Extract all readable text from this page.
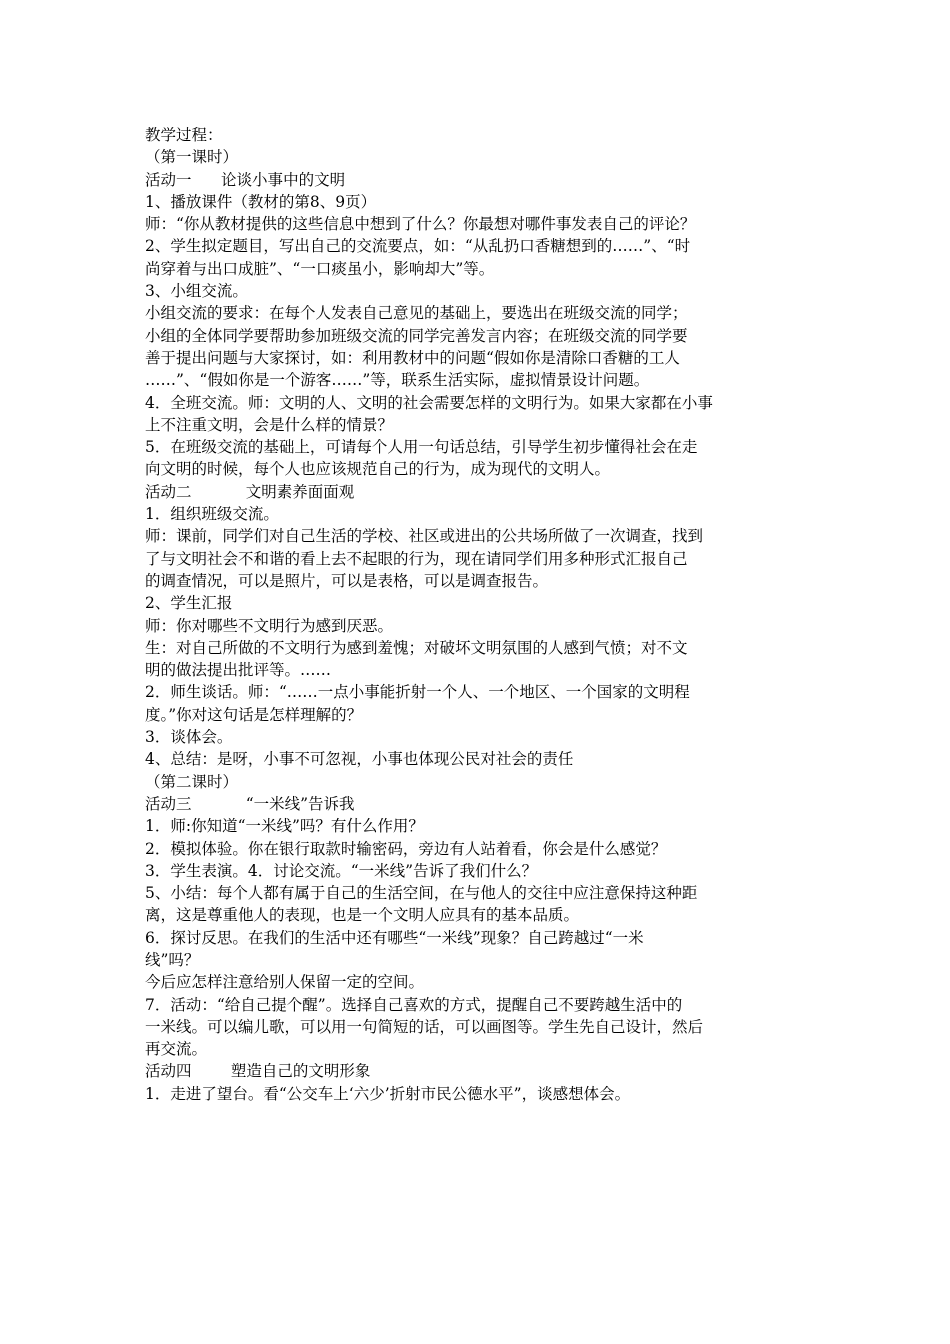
教学过程：
（第一课时）
活动一      论谈小事中的文明
1、播放课件（教材的第8、9页）
师：“你从教材提供的这些信息中想到了什么？你最想对哪件事发表自己的评论？
2、学生拟定题目，写出自己的交流要点，如：“从乱扔口香糖想到的……”、“时
尚穿着与出口成脏”、“一口痰虽小，影响却大”等。
3、小组交流。
小组交流的要求：在每个人发表自己意见的基础上，要选出在班级交流的同学；
小组的全体同学要帮助参加班级交流的同学完善发言内容；在班级交流的同学要
善于提出问题与大家探讨，如：利用教材中的问题“假如你是清除口香糖的工人
……”、“假如你是一个游客……”等，联系生活实际，虚拟情景设计问题。
4．全班交流。师：文明的人、文明的社会需要怎样的文明行为。如果大家都在小事
上不注重文明，会是什么样的情景？
5．在班级交流的基础上，可请每个人用一句话总结，引导学生初步懂得社会在走
向文明的时候，每个人也应该规范自己的行为，成为现代的文明人。
活动二           文明素养面面观
1．组织班级交流。
师：课前，同学们对自己生活的学校、社区或进出的公共场所做了一次调查，找到
了与文明社会不和谐的看上去不起眼的行为，现在请同学们用多种形式汇报自己
的调查情况，可以是照片，可以是表格，可以是调查报告。
2、学生汇报
师：你对哪些不文明行为感到厌恶。
生：对自己所做的不文明行为感到羞愧；对破坏文明氛围的人感到气愤；对不文
明的做法提出批评等。……
2．师生谈话。师：“……一点小事能折射一个人、一个地区、一个国家的文明程
度。”你对这句话是怎样理解的？
3．谈体会。
4、总结：是呀，小事不可忽视，小事也体现公民对社会的责任
（第二课时）
活动三           “一米线”告诉我
1．师:你知道“一米线”吗？有什么作用？
2．模拟体验。你在银行取款时输密码，旁边有人站着看，你会是什么感觉？
3．学生表演。4．讨论交流。“一米线”告诉了我们什么？
5、小结：每个人都有属于自己的生活空间，在与他人的交往中应注意保持这种距
离，这是尊重他人的表现，也是一个文明人应具有的基本品质。
6．探讨反思。在我们的生活中还有哪些“一米线”现象？自己跨越过“一米
线”吗？
今后应怎样注意给别人保留一定的空间。
7．活动：“给自己提个醒”。选择自己喜欢的方式，提醒自己不要跨越生活中的
一米线。可以编儿歌，可以用一句简短的话，可以画图等。学生先自己设计，然后
再交流。
活动四        塑造自己的文明形象
1．走进了望台。看“公交车上‘六少’折射市民公德水平”，谈感想体会。
